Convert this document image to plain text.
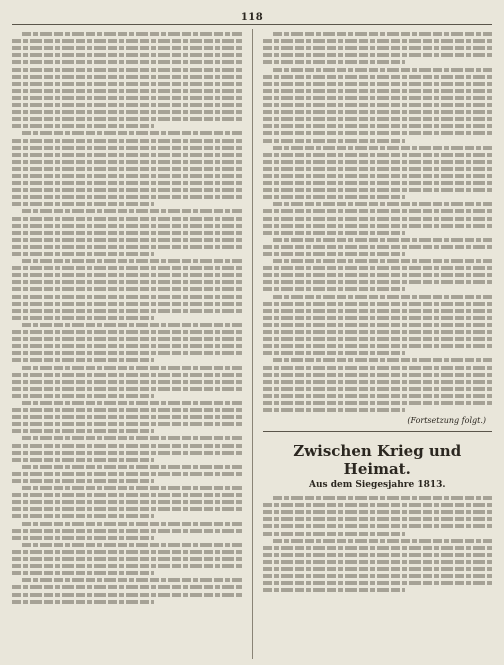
118
(Fortsetzung folgt.)
Zwischen Krieg und Heimat.
Aus dem Siegesjahre 1813.
